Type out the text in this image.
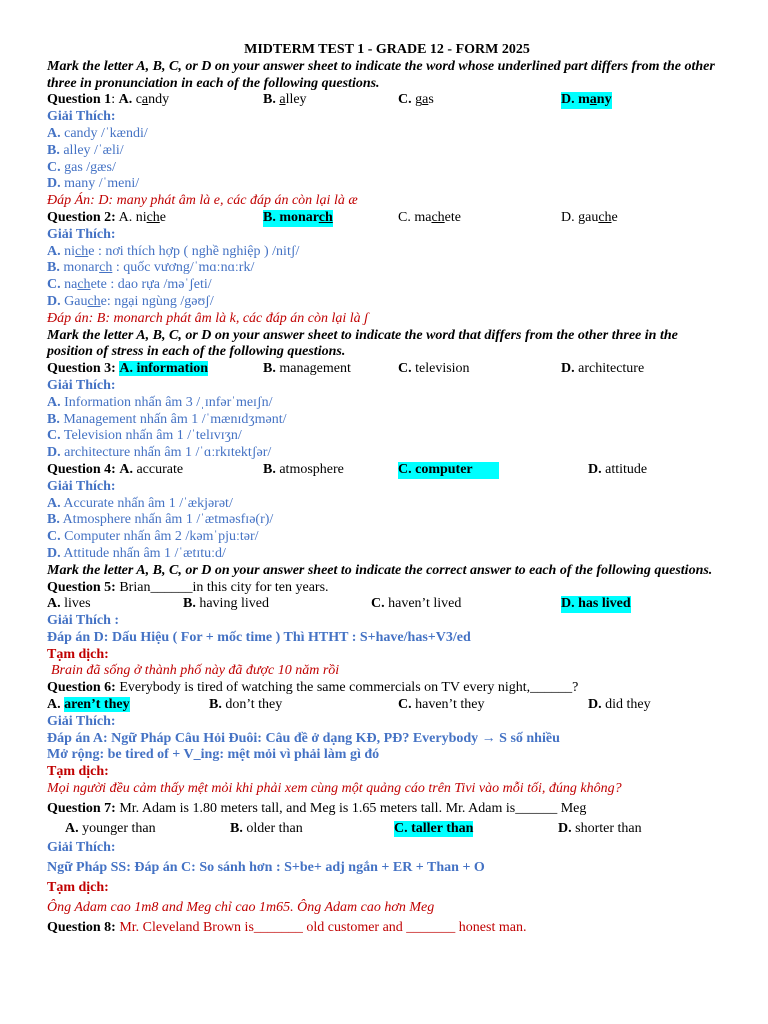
MIDTERM TEST 1 - GRADE 12 - FORM 2025
Mark the letter A, B, C, or D on your answer sheet to indicate the word whose underlined part differs from the other three in pronunciation in each of the following questions.
Question 1: A. candy	B. alley	C. gas	D. many
Giải Thích:
A. candy /ˈkændi/
B. alley /ˈæli/
C. gas /gæs/
D. many /ˈmeni/
Đáp Án: D: many phát âm là e, các đáp án còn lại là æ
Question 2: A. niche	B. monarch	C. machete	D. gauche
Giải Thích:
A. niche : nơi thích hợp ( nghề nghiệp ) /nitʃ/
B. monarch : quốc vương/ˈmɑːnɑːrk/
C. nachete : dao rựa /məˈʃeti/
D. Gauche: ngại ngùng /gəʊʃ/
Đáp án: B: monarch phát âm là k, các đáp án còn lại là ʃ
Mark the letter A, B, C, or D on your answer sheet to indicate the word that differs from the other three in the position of stress in each of the following questions.
Question 3: A. information	B. management	C. television	D. architecture
Giải Thích:
A. Information nhấn âm 3 /ˌɪnfərˈmeɪʃn/
B. Management nhấn âm 1 /ˈmænɪdʒmənt/
C. Television nhấn âm 1 /ˈtelɪvɪʒn/
D. architecture nhấn âm 1 /ˈɑːrkɪtektʃər/
Question 4: A. accurate	B. atmosphere	C. computer	D. attitude
Giải Thích:
A. Accurate nhấn âm 1 /ˈækjərət/
B. Atmosphere nhấn âm 1 /ˈætməsfɪə(r)/
C. Computer nhấn âm 2 /kəmˈpjuːtər/
D. Attitude nhấn âm 1 /ˈætɪtuːd/
Mark the letter A, B, C, or D on your answer sheet to indicate the correct answer to each of the following questions.
Question 5: Brian______in this city for ten years.
A. lives	B. having lived	C. haven’t lived	D. has lived
Giải Thích :
Đáp án D: Dấu Hiệu ( For + mốc time ) Thì HTHT : S+have/has+V3/ed
Tạm dịch:
Brain đã sống ở thành phố này đã được 10 năm rồi
Question 6: Everybody is tired of watching the same commercials on TV every night,______?
A. aren’t they	B. don’t they	C. haven’t they	D. did they
Giải Thích:
Đáp án A: Ngữ Pháp Câu Hỏi Đuôi: Câu đề ở dạng KĐ, PĐ? Everybody → S số nhiều
Mở rộng: be tired of + V_ing: mệt mỏi vì phải làm gì đó
Tạm dịch:
Mọi người đều cảm thấy mệt mỏi khi phải xem cùng một quảng cáo trên Tivi vào mỗi tối, đúng không?
Question 7: Mr. Adam is 1.80 meters tall, and Meg is 1.65 meters tall. Mr. Adam is______ Meg
A. younger than	B. older than	C. taller than	D. shorter than
Giải Thích:
Ngữ Pháp SS: Đáp án C: So sánh hơn : S+be+ adj ngắn + ER + Than + O
Tạm dịch:
Ông Adam cao 1m8 and Meg chỉ cao 1m65. Ông Adam cao hơn Meg
Question 8: Mr. Cleveland Brown is_______ old customer and _______ honest man.
